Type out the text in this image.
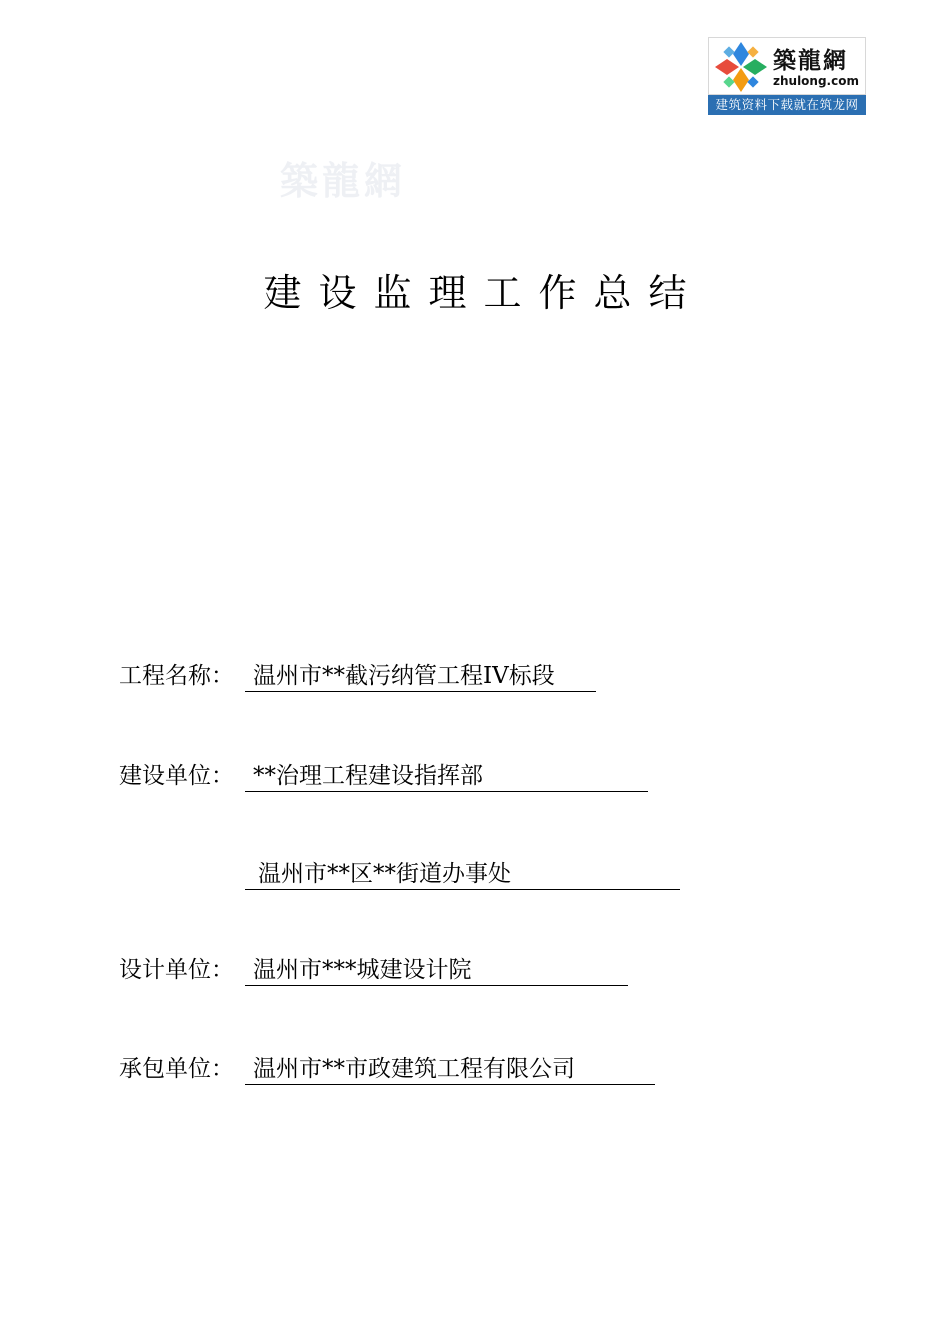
築龍網
zhulong.com
建筑资料下载就在筑龙网
築龍網
建设监理工作总结
工程名称： 温州市**截污纳管工程IV标段
建设单位： **治理工程建设指挥部
温州市**区**街道办事处
设计单位： 温州市***城建设计院
承包单位： 温州市**市政建筑工程有限公司
